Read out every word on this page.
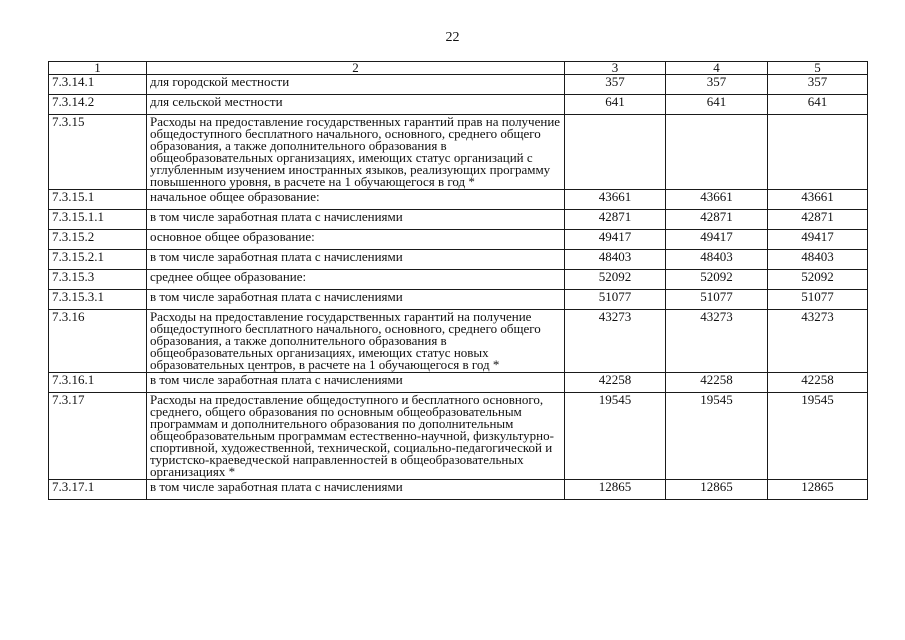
22
1	2	3	4	5
7.3.14.1	для городской местности	357	357	357
7.3.14.2	для сельской местности	641	641	641
7.3.15	Расходы на предоставление государственных гарантий прав на получение общедоступного бесплатного начального, основного, среднего общего образования, а также дополнительного образования в общеобразовательных организациях, имеющих статус организаций с углубленным изучением иностранных языков, реализующих программу повышенного уровня, в расчете на 1 обучающегося в год *			
7.3.15.1	начальное общее образование:	43661	43661	43661
7.3.15.1.1	в том числе заработная плата с начислениями	42871	42871	42871
7.3.15.2	основное общее образование:	49417	49417	49417
7.3.15.2.1	в том числе заработная плата с начислениями	48403	48403	48403
7.3.15.3	среднее общее образование:	52092	52092	52092
7.3.15.3.1	в том числе заработная плата с начислениями	51077	51077	51077
7.3.16	Расходы на предоставление государственных гарантий на получение общедоступного бесплатного начального, основного, среднего общего образования, а также дополнительного образования в общеобразовательных организациях, имеющих статус новых образовательных центров, в расчете на 1 обучающегося в год *	43273	43273	43273
7.3.16.1	в том числе заработная плата с начислениями	42258	42258	42258
7.3.17	Расходы на предоставление общедоступного и бесплатного основного, среднего, общего образования по основным общеобразовательным программам и дополнительного образования по дополнительным общеобразовательным программам естественно-научной, физкультурно-спортивной, художественной, технической, социально-педагогической и туристско-краеведческой направленностей в общеобразовательных организациях *	19545	19545	19545
7.3.17.1	в том числе заработная плата с начислениями	12865	12865	12865
